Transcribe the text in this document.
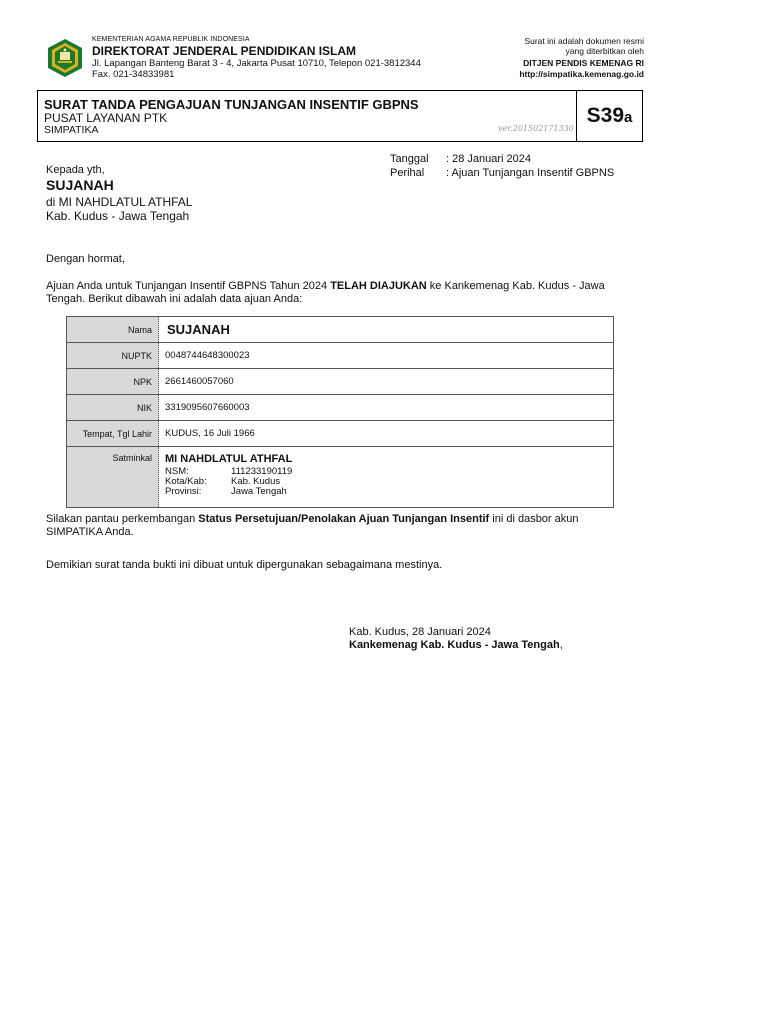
KEMENTERIAN AGAMA REPUBLIK INDONESIA
DIREKTORAT JENDERAL PENDIDIKAN ISLAM
Jl. Lapangan Banteng Barat 3 - 4, Jakarta Pusat 10710, Telepon 021-3812344
Fax. 021-34833981
Surat ini adalah dokumen resmi
yang diterbitkan oleh
DITJEN PENDIS KEMENAG RI
http://simpatika.kemenag.go.id
SURAT TANDA PENGAJUAN TUNJANGAN INSENTIF GBPNS
PUSAT LAYANAN PTK
SIMPATIKA	ver.201502171330
S39a
Tanggal : 28 Januari 2024
Perihal : Ajuan Tunjangan Insentif GBPNS
Kepada yth,
SUJANAH
di MI NAHDLATUL ATHFAL
Kab. Kudus - Jawa Tengah
Dengan hormat,
Ajuan Anda untuk Tunjangan Insentif GBPNS Tahun 2024 TELAH DIAJUKAN ke Kankemenag Kab. Kudus - Jawa
Tengah. Berikut dibawah ini adalah data ajuan Anda:
Nama	SUJANAH
NUPTK	0048744648300023
NPK	2661460057060
NIK	3319095607660003
Tempat, Tgl Lahir	KUDUS, 16 Juli 1966
Satminkal	MI NAHDLATUL ATHFAL
NSM:	111233190119
Kota/Kab:	Kab. Kudus
Provinsi:	Jawa Tengah
Silakan pantau perkembangan Status Persetujuan/Penolakan Ajuan Tunjangan Insentif ini di dasbor akun
SIMPATIKA Anda.
Demikian surat tanda bukti ini dibuat untuk dipergunakan sebagaimana mestinya.
Kab. Kudus, 28 Januari 2024
Kankemenag Kab. Kudus - Jawa Tengah,
